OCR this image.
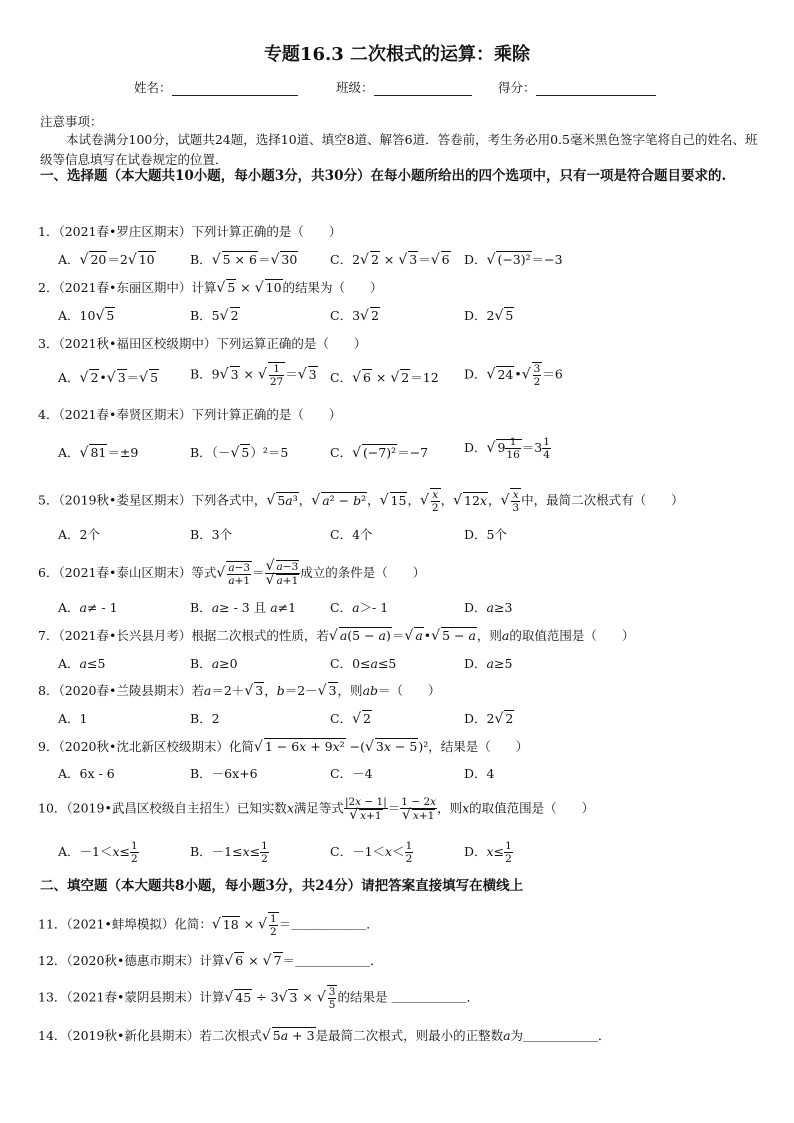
专题16.3 二次根式的运算：乘除
姓名：	班级：	得分：
注意事项：
本试卷满分100分，试题共24题，选择10道、填空8道、解答6道．答卷前，考生务必用0.5毫米黑色签字笔将自己的姓名、班级等信息填写在试卷规定的位置．
一、选择题（本大题共10小题，每小题3分，共30分）在每小题所给出的四个选项中，只有一项是符合题目要求的.
1．（2021春•罗庄区期末）下列计算正确的是（　　）
A．√ 20＝2√ 10	B．√ 5 × 6＝√ 30	C．2√ 2 × √ 3＝√ 6 D．√ (−3)²＝−3
2．（2021春•东丽区期中）计算√ 5 × √ 10的结果为（　　）
A．10√ 5	B．5√ 2	C．3√ 2	D．2√ 5
3．（2021秋•福田区校级期中）下列运算正确的是（　　）
A．√ 2•√ 3＝√ 5	B．9√ 3 × √ $\frac{1}{27}$ ＝√ 3 C．√ 6 × √ 2＝12 D．√ 24•√ $\frac{3}{2} =6$
4．（2021春•奉贤区期末）下列计算正确的是（　　）
A．√ 81＝±9	B．（－√ 5）²＝5	C．√ (−7)²＝−7	D．√ $9 \frac{1}{16} =3 \frac{1}{4}$
5．（2019秋•娄星区期末）下列各式中，√ 5a³，√ a² − b²，√ 15，√ $\frac{x}{2}$ ，√ 12x，√ $\frac{x}{3}$ 中，最简二次根式有（　　）
A．2个	B．3个	C．4个	D．5个
6．（2021春•泰山区期末）等式√ $\frac{a-3}{a+1} = \frac{√ a-3}{√ a+1}$ 成立的条件是（　　）
A．a≠ - 1	B．a≥ - 3 且 a≠1	C．a＞- 1	D．a≥3
7．（2021春•长兴县月考）根据二次根式的性质，若√ a(5 − a)＝√ a•√ 5 − a，则a的取值范围是（　　）
A．a≤5	B．a≥0	C．0≤a≤5	D．a≥5
8．（2020春•兰陵县期末）若a＝2＋√ 3，b＝2－√ 3，则ab＝（　　）
A．1	B．2	C．√ 2	D．2√ 2
9．（2020秋•沈北新区校级期末）化简√ 1 − 6x + 9x² −(√ 3x − 5)²，结果是（　　）
A．6x - 6	B．－6x+6	C．－4	D．4
10．（2019•武昌区校级自主招生）已知实数x满足等式 $\frac{|2x - 1|}{√ x+1} = \frac{1 - 2x}{√ x+1}$ ，则x的取值范围是（　　）
A．$-1<x\le \frac{1}{2}$	B．$-1\le x\le \frac{1}{2}$	C．$-1<x< \frac{1}{2}$	D．$x\le \frac{1}{2}$
二、填空题（本大题共8小题，每小题3分，共24分）请把答案直接填写在横线上
11．（2021•蚌埠模拟）化简：√ 18 × √ $\frac{1}{2}$ ＝＿＿＿＿＿＿．
12．（2020秋•德惠市期末）计算√ 6 × √ 7＝＿＿＿＿＿＿．
13．（2021春•蒙阴县期末）计算√ 45 ÷ 3√ 3 × √ $\frac{3}{5}$ 的结果是 ＿＿＿＿＿＿．
14．（2019秋•新化县期末）若二次根式√ 5a + 3是最简二次根式，则最小的正整数a为＿＿＿＿＿＿．
